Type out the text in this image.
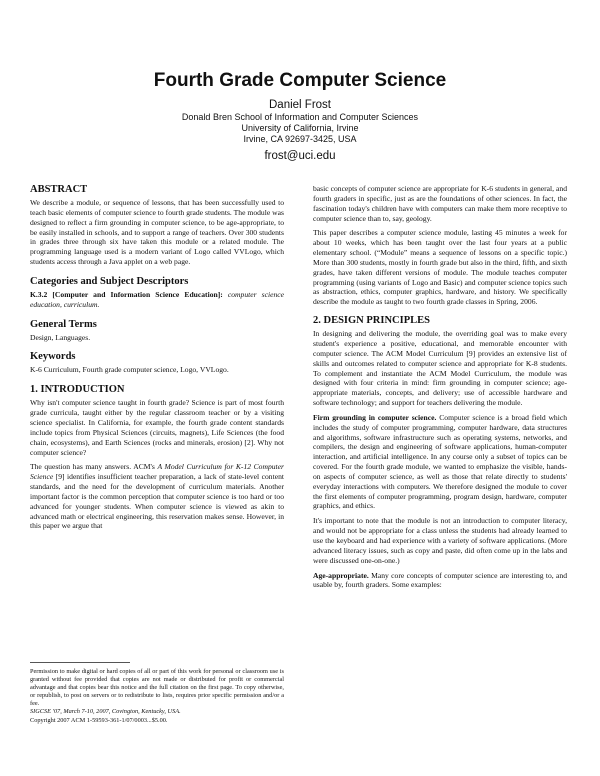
Fourth Grade Computer Science
Daniel Frost
Donald Bren School of Information and Computer Sciences
University of California, Irvine
Irvine, CA 92697-3425, USA
frost@uci.edu
ABSTRACT

We describe a module, or sequence of lessons, that has been successfully used to teach basic elements of computer science to fourth grade students. The module was designed to reflect a firm grounding in computer science, to be age-appropriate, to be easily installed in schools, and to support a range of teachers. Over 300 students in grades three through six have taken this module or a related module. The programming language used is a modern variant of Logo called VVLogo, which students access through a Java applet on a web page.

Categories and Subject Descriptors

K.3.2 [Computer and Information Science Education]: computer science education, curriculum.

General Terms

Design, Languages.

Keywords

K-6 Curriculum, Fourth grade computer science, Logo, VVLogo.

1. INTRODUCTION

Why isn't computer science taught in fourth grade? Science is part of most fourth grade curricula, taught either by the regular classroom teacher or by a visiting science specialist. In California, for example, the fourth grade content standards include topics from Physical Sciences (circuits, magnets), Life Sciences (the food chain, ecosystems), and Earth Sciences (rocks and minerals, erosion) [2]. Why not computer science?

The question has many answers. ACM's A Model Curriculum for K-12 Computer Science [9] identifies insufficient teacher preparation, a lack of state-level content standards, and the need for the development of curriculum materials. Another important factor is the common perception that computer science is too hard or too advanced for younger students. When computer science is viewed as akin to advanced math or electrical engineering, this reservation makes sense. However, in this paper we argue that

Permission to make digital or hard copies of all or part of this work for personal or classroom use is granted without fee provided that copies are not made or distributed for profit or commercial advantage and that copies bear this notice and the full citation on the first page. To copy otherwise, or republish, to post on servers or to redistribute to lists, requires prior specific permission and/or a fee.
SIGCSE '07, March 7-10, 2007, Covington, Kentucky, USA.
Copyright 2007 ACM 1-59593-361-1/07/0003...$5.00.

basic concepts of computer science are appropriate for K-6 students in general, and fourth graders in specific, just as are the foundations of other sciences. In fact, the fascination today's children have with computers can make them more receptive to computer science than to, say, geology.

This paper describes a computer science module, lasting 45 minutes a week for about 10 weeks, which has been taught over the last four years at a public elementary school. (“Module” means a sequence of lessons on a specific topic.) More than 300 students, mostly in fourth grade but also in the third, fifth, and sixth grades, have taken different versions of module. The module teaches computer programming (using variants of Logo and Basic) and computer science topics such as abstraction, ethics, computer graphics, hardware, and history. We specifically describe the module as taught to two fourth grade classes in Spring, 2006.

2. DESIGN PRINCIPLES

In designing and delivering the module, the overriding goal was to make every student's experience a positive, educational, and memorable encounter with computer science. The ACM Model Curriculum [9] provides an extensive list of skills and outcomes related to computer science and appropriate for K-8 students. To complement and instantiate the ACM Model Curriculum, the module was designed with four criteria in mind: firm grounding in computer science; age-appropriate materials, concepts, and delivery; use of accessible hardware and software technology; and support for teachers delivering the module.

Firm grounding in computer science. Computer science is a broad field which includes the study of computer programming, computer hardware, data structures and algorithms, software infrastructure such as operating systems, networks, and compilers, the design and engineering of software applications, human-computer interaction, and artificial intelligence. In any course only a subset of topics can be covered. For the fourth grade module, we wanted to emphasize the visible, hands-on aspects of computer science, as well as those that relate directly to students' everyday interactions with computers. We therefore designed the module to cover the first elements of computer programming, program design, hardware, computer graphics, and ethics.

It's important to note that the module is not an introduction to computer literacy, and would not be appropriate for a class unless the students had already learned to use the keyboard and had experience with a variety of software applications. (More advanced literacy issues, such as copy and paste, did often come up in the labs and were discussed one-on-one.)

Age-appropriate. Many core concepts of computer science are interesting to, and usable by, fourth graders. Some examples:
